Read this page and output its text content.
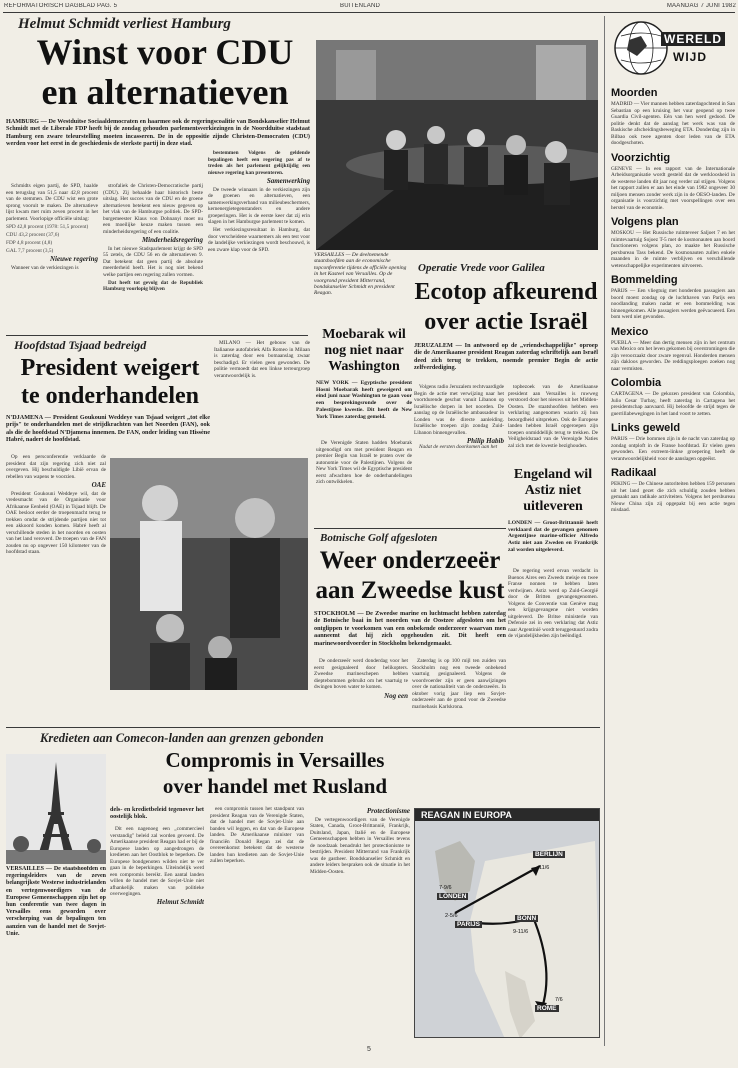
REFORMATORISCH DAGBLAD PAG. 5	BUITENLAND	MAANDAG 7 JUNI 1982
Helmut Schmidt verliest Hamburg
Winst voor CDU
en alternatieven
HAMBURG — De Westduitse Sociaaldemocraten en haarmee ook de regeringscoalitie van Bondskanselier Helmut Schmidt met de Liberale FDP heeft bij de zondag gehouden parlementsverkiezingen in de Noordduitse stadstaat Hamburg een zware teleurstelling moeten incasseren. De in de oppositie zijnde Christen-Democraten (CDU) werden voor het eerst in de geschiedenis de sterkste partij in deze stad.

Schmidts eigen partij, de SPD, haalde een terugslag van 51,5 naar 42,8 procent van de stemmen. De CDU wist een grote sprong vooruit te maken. De alternatieve lijst kwam met ruim zeven procent in het parlement. Voorlopige officiële uitslag:

SPD 42,8 procent (1978: 51,5 procent)

CDU 43,2 procent (37,6)

FDP 4,8 procent (4,8)

GAL 7,7 procent (3,5)

Nieuwe regering

Wanneer van de verkiezingen is

strofaliek de Christen-Democratische partij (CDU). Zij behaalde haar historisch beste uitslag. Het succes van de CDU en de groene alternatieven betekent een nieuw gegeven op het vlak van de Hamburgse politiek. De SPD-burgemeester Klaus von Dohnanyi moet nu een moeilijke keuze maken tussen een minderheidsregering of een coalitie.

Minderheidsregering

In het nieuwe Stadsparlement krijgt de SPD 55 zetels, de CDU 56 en de alternatieven 9. Dat betekent dat geen partij de absolute meerderheid heeft. Het is nog niet bekend welke partijen een regering zullen vormen.

Dat heeft tot gevolg dat de Republiek Hamburg voorlopig blijven

bestemmen Volgens de geldende bepalingen heeft een regering pas af te treden als het parlement gelijktijdig een nieuwe regering kan presenteren.

Samenwerking

De tweede winnaars in de verkiezingen zijn de groenen en alternatieven, een samenwerkingsverband van milieubeschermers, kernenergietegenstanders en andere groeperingen. Het is de eerste keer dat zij erin slagen in het Hamburgse parlement te komen.

Het verkiezingsresultaat in Hamburg, dat door verscheidene waarnemers als een test voor de landelijke verkiezingen wordt beschouwd, is een zware klap voor de SPD.

VERSAILLES — De deelnemende staatshoofden aan de economische topconferentie tijdens de officiële opening in het Kasteel van Versailles. Op de voorgrond president Mitterrand, bondskanselier Schmidt en president Reagan.
Operatie Vrede voor Galilea
Ecotop afkeurend
over actie Israël
JERUZALEM — In antwoord op de „vriendschappelijke" oproep die de Amerikaanse president Reagan zaterdag schriftelijk aan Israël deed zich terug te trekken, noemde premier Begin de actie zelfverdediging.

Volgens radio Jeruzalem rechtvaardigde Begin de actie met verwijzing naar het voortdurende geschut vanuit Libanon op Israëlische dorpen in het noorden. De aanslag op de Israëlische ambassadeur in Londen was de directe aanleiding. Israëlische troepen zijn zondag Zuid-Libanon binnengevallen.

Philip Habib

Nadat de eersten doorkomen aan het

topbezoek van de Amerikaanse president aan Versailles is ruwweg verstoord door het nieuws uit het Midden-Oosten. De staatshoofden hebben een verklaring aangenomen waarin zij hun bezorgdheid uitspreken. Ook de Europese landen hebben Israël opgeroepen zijn troepen onmiddellijk terug te trekken. De Veiligheidsraad van de Verenigde Naties zal zich met de kwestie bezighouden.

Moebarak wil
nog niet naar
Washington
NEW YORK — Egyptische president Hosni Moebarak heeft geweigerd om eind juni naar Washington te gaan voor een besprekingsronde over de Palestijnse kwestie. Dit heeft de New York Times zaterdag gemeld.

De Verenigde Staten hadden Moebarak uitgenodigd om met president Reagan en premier Begin van Israël te praten over de autonomie voor de Palestijnen. Volgens de New York Times wil de Egyptische president eerst afwachten hoe de onderhandelingen zich ontwikkelen.

MILANO — Het gebouw van de Italiaanse autofabriek Alfa Romeo in Milaan is zaterdag door een bomaanslag zwaar beschadigd. Er vielen geen gewonden. De politie vermoedt dat een linkse terreurgroep verantwoordelijk is.

Engeland wil
Astiz niet
uitleveren
LONDEN — Groot-Brittannië heeft verklaard dat de gevangen genomen Argentijnse marine-officier Alfredo Astiz niet aan Zweden en Frankrijk zal worden uitgeleverd.

De regering werd ervan verdacht in Buenos Aires een Zweeds meisje en twee Franse nonnen te hebben laten verdwijnen. Astiz werd op Zuid-Georgië door de Britten gevangengenomen. Volgens de Conventie van Genève mag een krijgsgevangene niet worden uitgeleverd. De Britse ministerie van Defensie zei in een verklaring dat Astiz naar Argentinië wordt teruggestuurd zodra de vijandelijkheden zijn beëindigd.

Hoofdstad Tsjaad bedreigd
President weigert
te onderhandelen
N'DJAMENA — President Goukouni Weddeye van Tsjaad weigert „tot elke prijs" te onderhandelen met de strijdkrachten van het Noorden (FAN), ook als die de hoofdstad N'Djamena innemen. De FAN, onder leiding van Hissène Habré, nadert de hoofdstad.

Op een persconferentie verklaarde de president dat zijn regering zich niet zal overgeven. Hij beschuldigde Libië ervan de rebellen van wapens te voorzien.

OAE

President Goukouni Weddeye wil, dat de vredesmacht van de Organisatie voor Afrikaanse Eenheid (OAE) in Tsjaad blijft. De OAE besloot eerder de troepenmacht terug te trekken omdat de strijdende partijen niet tot een akkoord konden komen. Habré heeft al verschillende steden in het noorden en oosten van het land veroverd. De troepen van de FAN zouden nu op ongeveer 150 kilometer van de hoofdstad staan.

Botnische Golf afgesloten
Weer onderzeeër
aan Zweedse kust
STOCKHOLM — De Zweedse marine en luchtmacht hebben zaterdag de Botnische baai in het noorden van de Oostzee afgesloten om het ontglippen te voorkomen van een onbekende onderzeeer waarvan men aanneemt dat hij zich opgehouden zit. Dit heeft een marinewoordvoerder in Stockholm bekendgemaakt.

De onderzeeër werd donderdag voor het eerst gesignaleerd door helikopters. Zweedse marineschepen hebben dieptebommen gebruikt om het vaartuig te dwingen boven water te komen.

Nog een

Zaterdag is op 100 mijl ten zuiden van Stockholm nog een tweede onbekend vaartuig gesignaleerd. Volgens de woordvoerder zijn er geen aanwijzingen over de nationaliteit van de onderzeeërs. In oktober vorig jaar liep een Sovjet-onderzeeër aan de grond voor de Zweedse marinebasis Karlskrona.

Kredieten aan Comecon-landen aan grenzen gebonden
Compromis in Versailles
over handel met Rusland
VERSAILLES — De staatshoofden en regeringsleiders van de zeven belangrijkste Westerse industrielanden en vertegenwoordigers van de Europese Gemeenschappen zijn het op hun conferentie van twee dagen in Versailles eens geworden over verscherping van de bepalingen ten aanzien van de handel met de Sovjet-Unie.
dels- en kredietbeleid tegenover het oostelijk blok.

Dit een nagenoeg een „commercieel verstandig" beleid zal worden gevoerd. De Amerikaanse president Reagan had er bij de Europese landen op aangedrongen de kredieten aan het Oostblok te beperken. De Europese bondgenoten wilden niet te ver gaan in de beperkingen. Uiteindelijk werd een compromis bereikt. Een aantal landen willen de handel met de Sovjet-Unie niet afhankelijk maken van politieke overwegingen.

Helmut Schmidt

een compromis tussen het standpunt van president Reagan van de Verenigde Staten, dat de handel met de Sovjet-Unie aan banden wil leggen, en dat van de Europese landen. De Amerikaanse minister van financiën Donald Regan zei dat de overeenkomst betekent dat de westerse landen hun kredieten aan de Sovjet-Unie zullen beperken.

Protectionisme

De vertegenwoordigers van de Verenigde Staten, Canada, Groot-Brittannië, Frankrijk, Duitsland, Japan, Italië en de Europese Gemeenschappen hebben in Versailles tevens de noodzaak benadrukt het protectionisme te bestrijden. President Mitterrand van Frankrijk was de gastheer. Bondskanselier Schmidt en andere leiders bespraken ook de situatie in het Midden-Oosten.

REAGAN IN EUROPA
LONDEN
PARIJS
BONN
BERLIJN
ROME
7-9/6
2-5/6
9-11/6
11/6
7/6
WERELD
WIJD
Moorden
MADRID — Vier mannen hebben zaterdagochtend in San Sebastian op een kruising het vuur geopend op twee Guardia Civil-agenten. Eén van hen werd gedood. De politie denkt dat de aanslag het werk was van de Baskische afscheidingsbeweging ETA. Donderdag zijn in Bilbao ook twee agenten door leden van de ETA doodgeschoten.
Voorzichtig
GENEVE — In een rapport van de Internationale Arbeidsorganisatie wordt gesteld dat de werkloosheid in de westerse landen dit jaar nog verder zal stijgen. Volgens het rapport zullen er aan het einde van 1982 ongeveer 30 miljoen mensen zonder werk zijn in de OESO-landen. De organisatie is voorzichtig met voorspellingen over een herstel van de economie.
Volgens plan
MOSKOU — Het Russische ruimteveer Saljoet 7 en het ruimtevaartuig Sojoez T-5 met de kosmonauten aan boord functioneren volgens plan, zo maakte het Russische persbureau Tass bekend. De kosmonauten zullen enkele maanden in de ruimte verblijven en verschillende wetenschappelijke experimenten uitvoeren.
Bommelding
PARIJS — Een vliegtuig met honderden passagiers aan boord moest zondag op de luchthaven van Parijs een noodlanding maken nadat er een bommelding was binnengekomen. Alle passagiers werden geëvacueerd. Een bom werd niet gevonden.
Mexico
PUEBLA — Meer dan dertig mensen zijn in het centrum van Mexico om het leven gekomen bij overstromingen die zijn veroorzaakt door zware regenval. Honderden mensen zijn dakloos geworden. De reddingsploegen zoeken nog naar vermisten.
Colombia
CARTAGENA — De gekozen president van Colombia, Julio Cesar Turbay, heeft zaterdag in Cartagena het presidentschap aanvaard. Hij beloofde de strijd tegen de guerrillabewegingen in het land voort te zetten.
Links geweld
PARIJS — Drie bommen zijn in de nacht van zaterdag op zondag ontploft in de Franse hoofdstad. Er vielen geen gewonden. Een extreem-linkse groepering heeft de verantwoordelijkheid voor de aanslagen opgeëist.
Radikaal
PEKING — De Chinese autoriteiten hebben 159 personen uit het land gezet die zich schuldig zouden hebben gemaakt aan radikale activiteiten. Volgens het persbureau Nieuw China zijn zij opgepakt bij een actie tegen misdaad.
5
